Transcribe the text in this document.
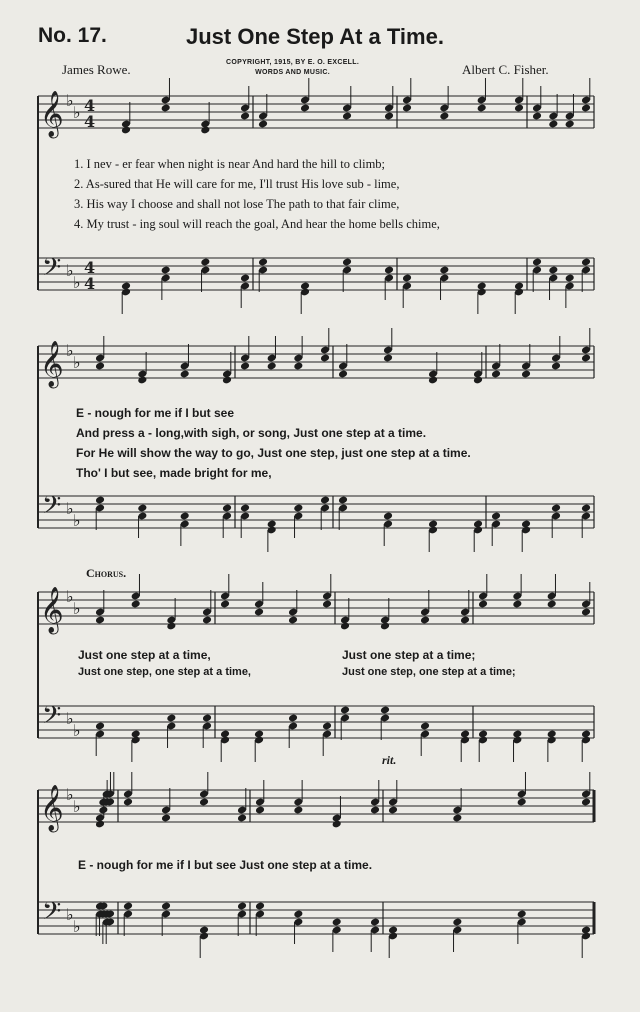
No. 17.	Just One Step At a Time.
James Rowe.	COPYRIGHT, 1915, BY E. O. EXCELL.
WORDS AND MUSIC.	Albert C. Fisher.
1. I nev - er fear when night is near And hard the hill to climb;
2. As-sured that He will care for me, I'll trust His love sub - lime,
3. His way I choose and shall not lose The path to that fair clime,
4. My trust - ing soul will reach the goal, And hear the home bells chime,
E - nough for me if I but see
And press a - long,with sigh, or song, Just one step at a time.
For He will show the way to go, Just one step, just one step at a time.
Tho' I but see, made bright for me,
Chorus.
Just one step at a time,	Just one step at a time;
Just one step, one step at a time,	Just one step, one step at a time;
rit.
E - nough for me if I but see Just one step at a time.
𝄞
𝄢
♭
♭
♭
♭
4
4
4
4
𝄞
𝄢
♭
♭
♭
♭
𝄞
𝄢
♭
♭
♭
♭
𝄞
𝄢
♭
♭
♭
♭
